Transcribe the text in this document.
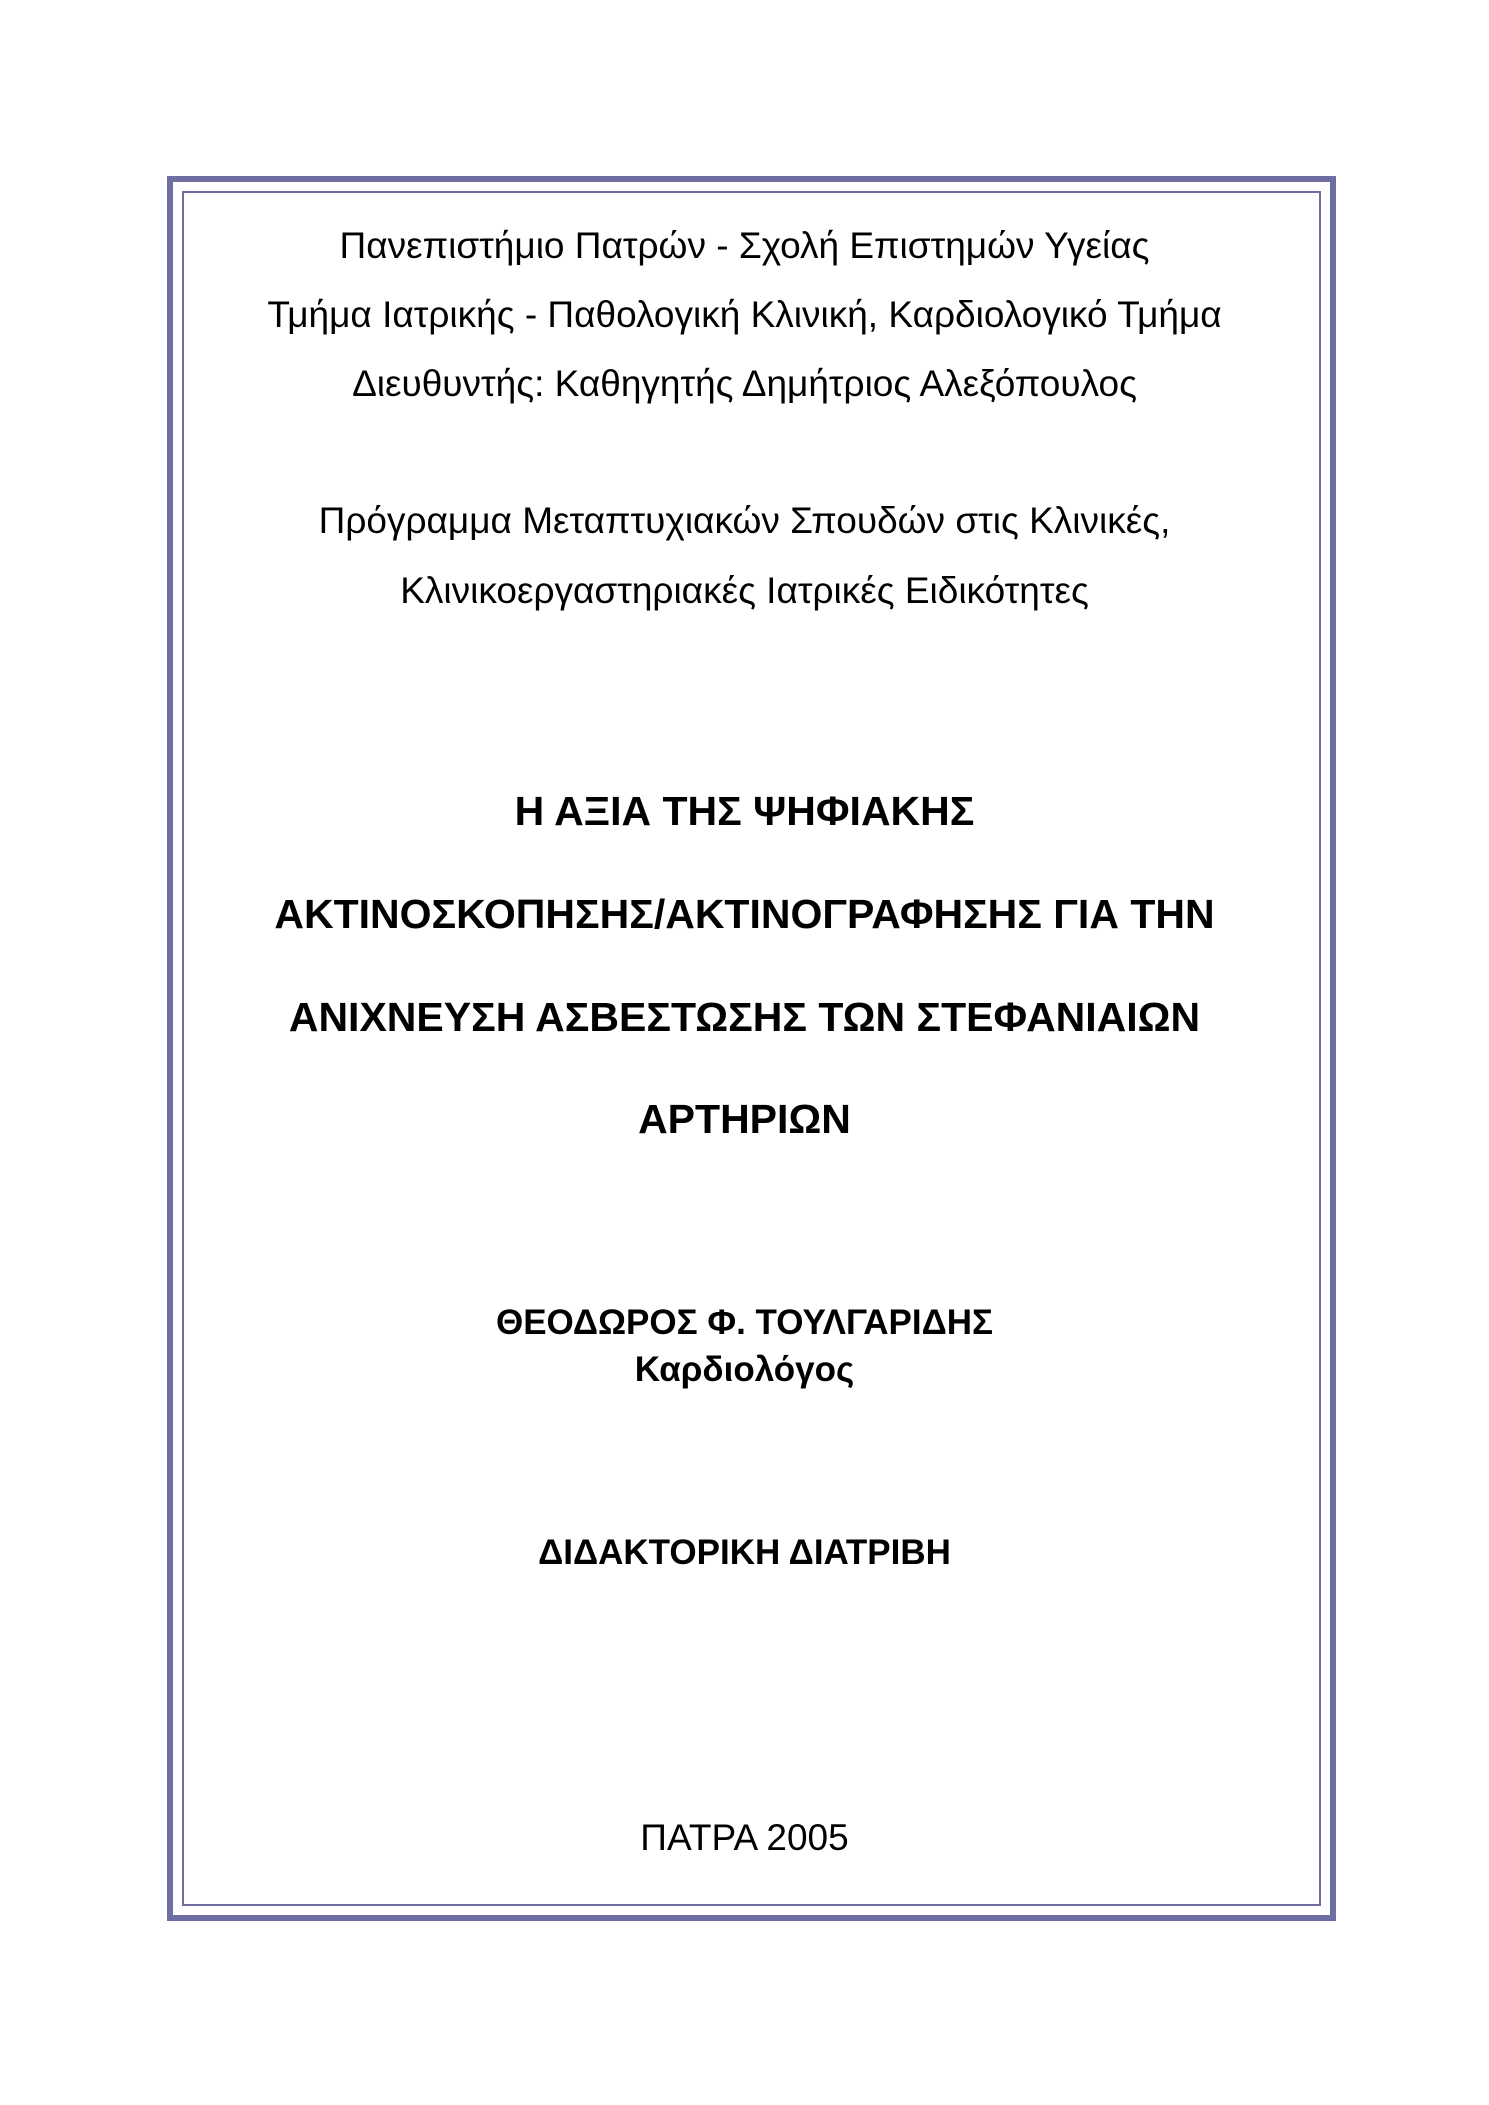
Πανεπιστήμιο Πατρών - Σχολή Επιστημών Υγείας
Τμήμα Ιατρικής - Παθολογική Κλινική, Καρδιολογικό Τμήμα
Διευθυντής: Καθηγητής Δημήτριος Αλεξόπουλος
Πρόγραμμα Μεταπτυχιακών Σπουδών στις Κλινικές,
Κλινικοεργαστηριακές Ιατρικές Ειδικότητες
Η ΑΞΙΑ ΤΗΣ ΨΗΦΙΑΚΗΣ
ΑΚΤΙΝΟΣΚΟΠΗΣΗΣ/ΑΚΤΙΝΟΓΡΑΦΗΣΗΣ ΓΙΑ ΤΗΝ
ΑΝΙΧΝΕΥΣΗ ΑΣΒΕΣΤΩΣΗΣ ΤΩΝ ΣΤΕΦΑΝΙΑΙΩΝ
ΑΡΤΗΡΙΩΝ
ΘΕΟΔΩΡΟΣ Φ. ΤΟΥΛΓΑΡΙΔΗΣ
Καρδιολόγος
ΔΙΔΑΚΤΟΡΙΚΗ ΔΙΑΤΡΙΒΗ
ΠΑΤΡΑ 2005
